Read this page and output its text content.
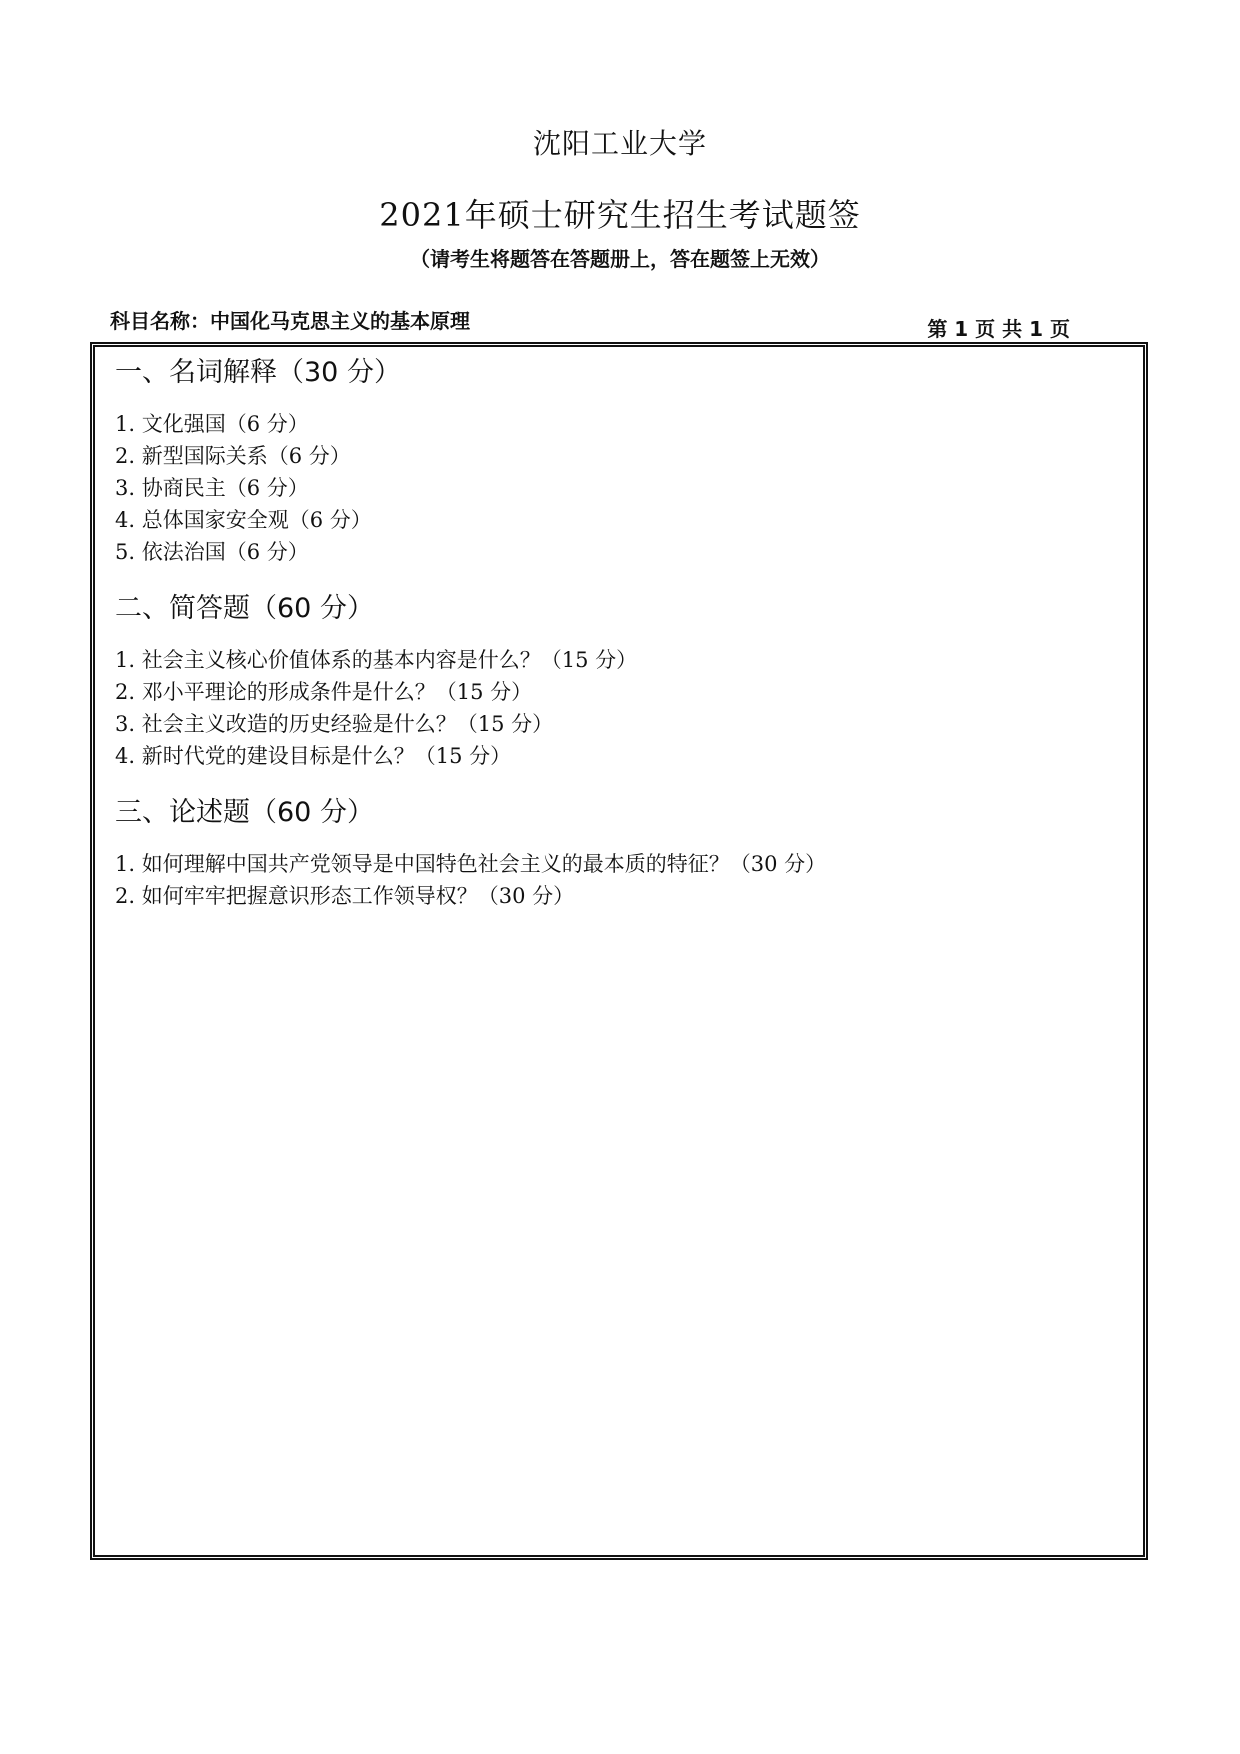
沈阳工业大学
2021年硕士研究生招生考试题签
（请考生将题答在答题册上，答在题签上无效）
科目名称：中国化马克思主义的基本原理	第 1 页 共 1 页
一、名词解释（30 分）
1. 文化强国（6 分）
2. 新型国际关系（6 分）
3. 协商民主（6 分）
4. 总体国家安全观（6 分）
5. 依法治国（6 分）
二、简答题（60 分）
1. 社会主义核心价值体系的基本内容是什么？（15 分）
2. 邓小平理论的形成条件是什么？（15 分）
3. 社会主义改造的历史经验是什么？（15 分）
4. 新时代党的建设目标是什么？（15 分）
三、论述题（60 分）
1. 如何理解中国共产党领导是中国特色社会主义的最本质的特征？（30 分）
2. 如何牢牢把握意识形态工作领导权？（30 分）
